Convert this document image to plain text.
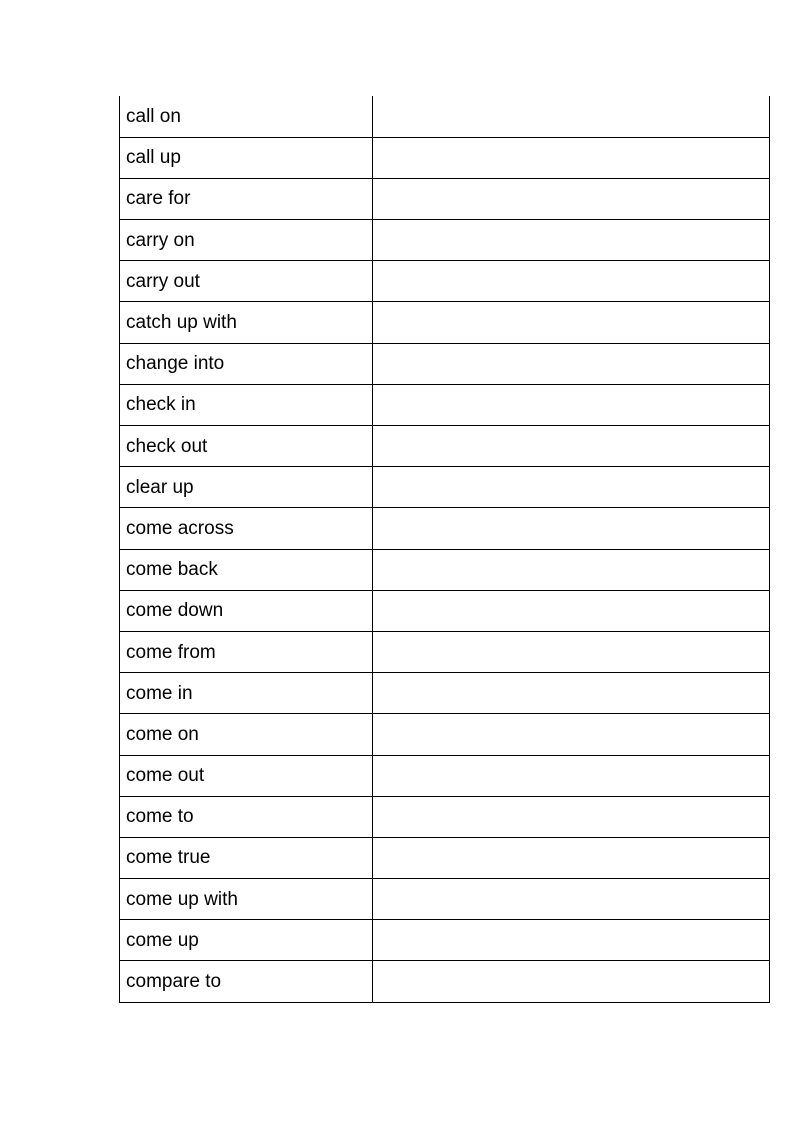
call on	
call up	
care for	
carry on	
carry out	
catch up with	
change into	
check in	
check out	
clear up	
come across	
come back	
come down	
come from	
come in	
come on	
come out	
come to	
come true	
come up with	
come up	
compare to	
